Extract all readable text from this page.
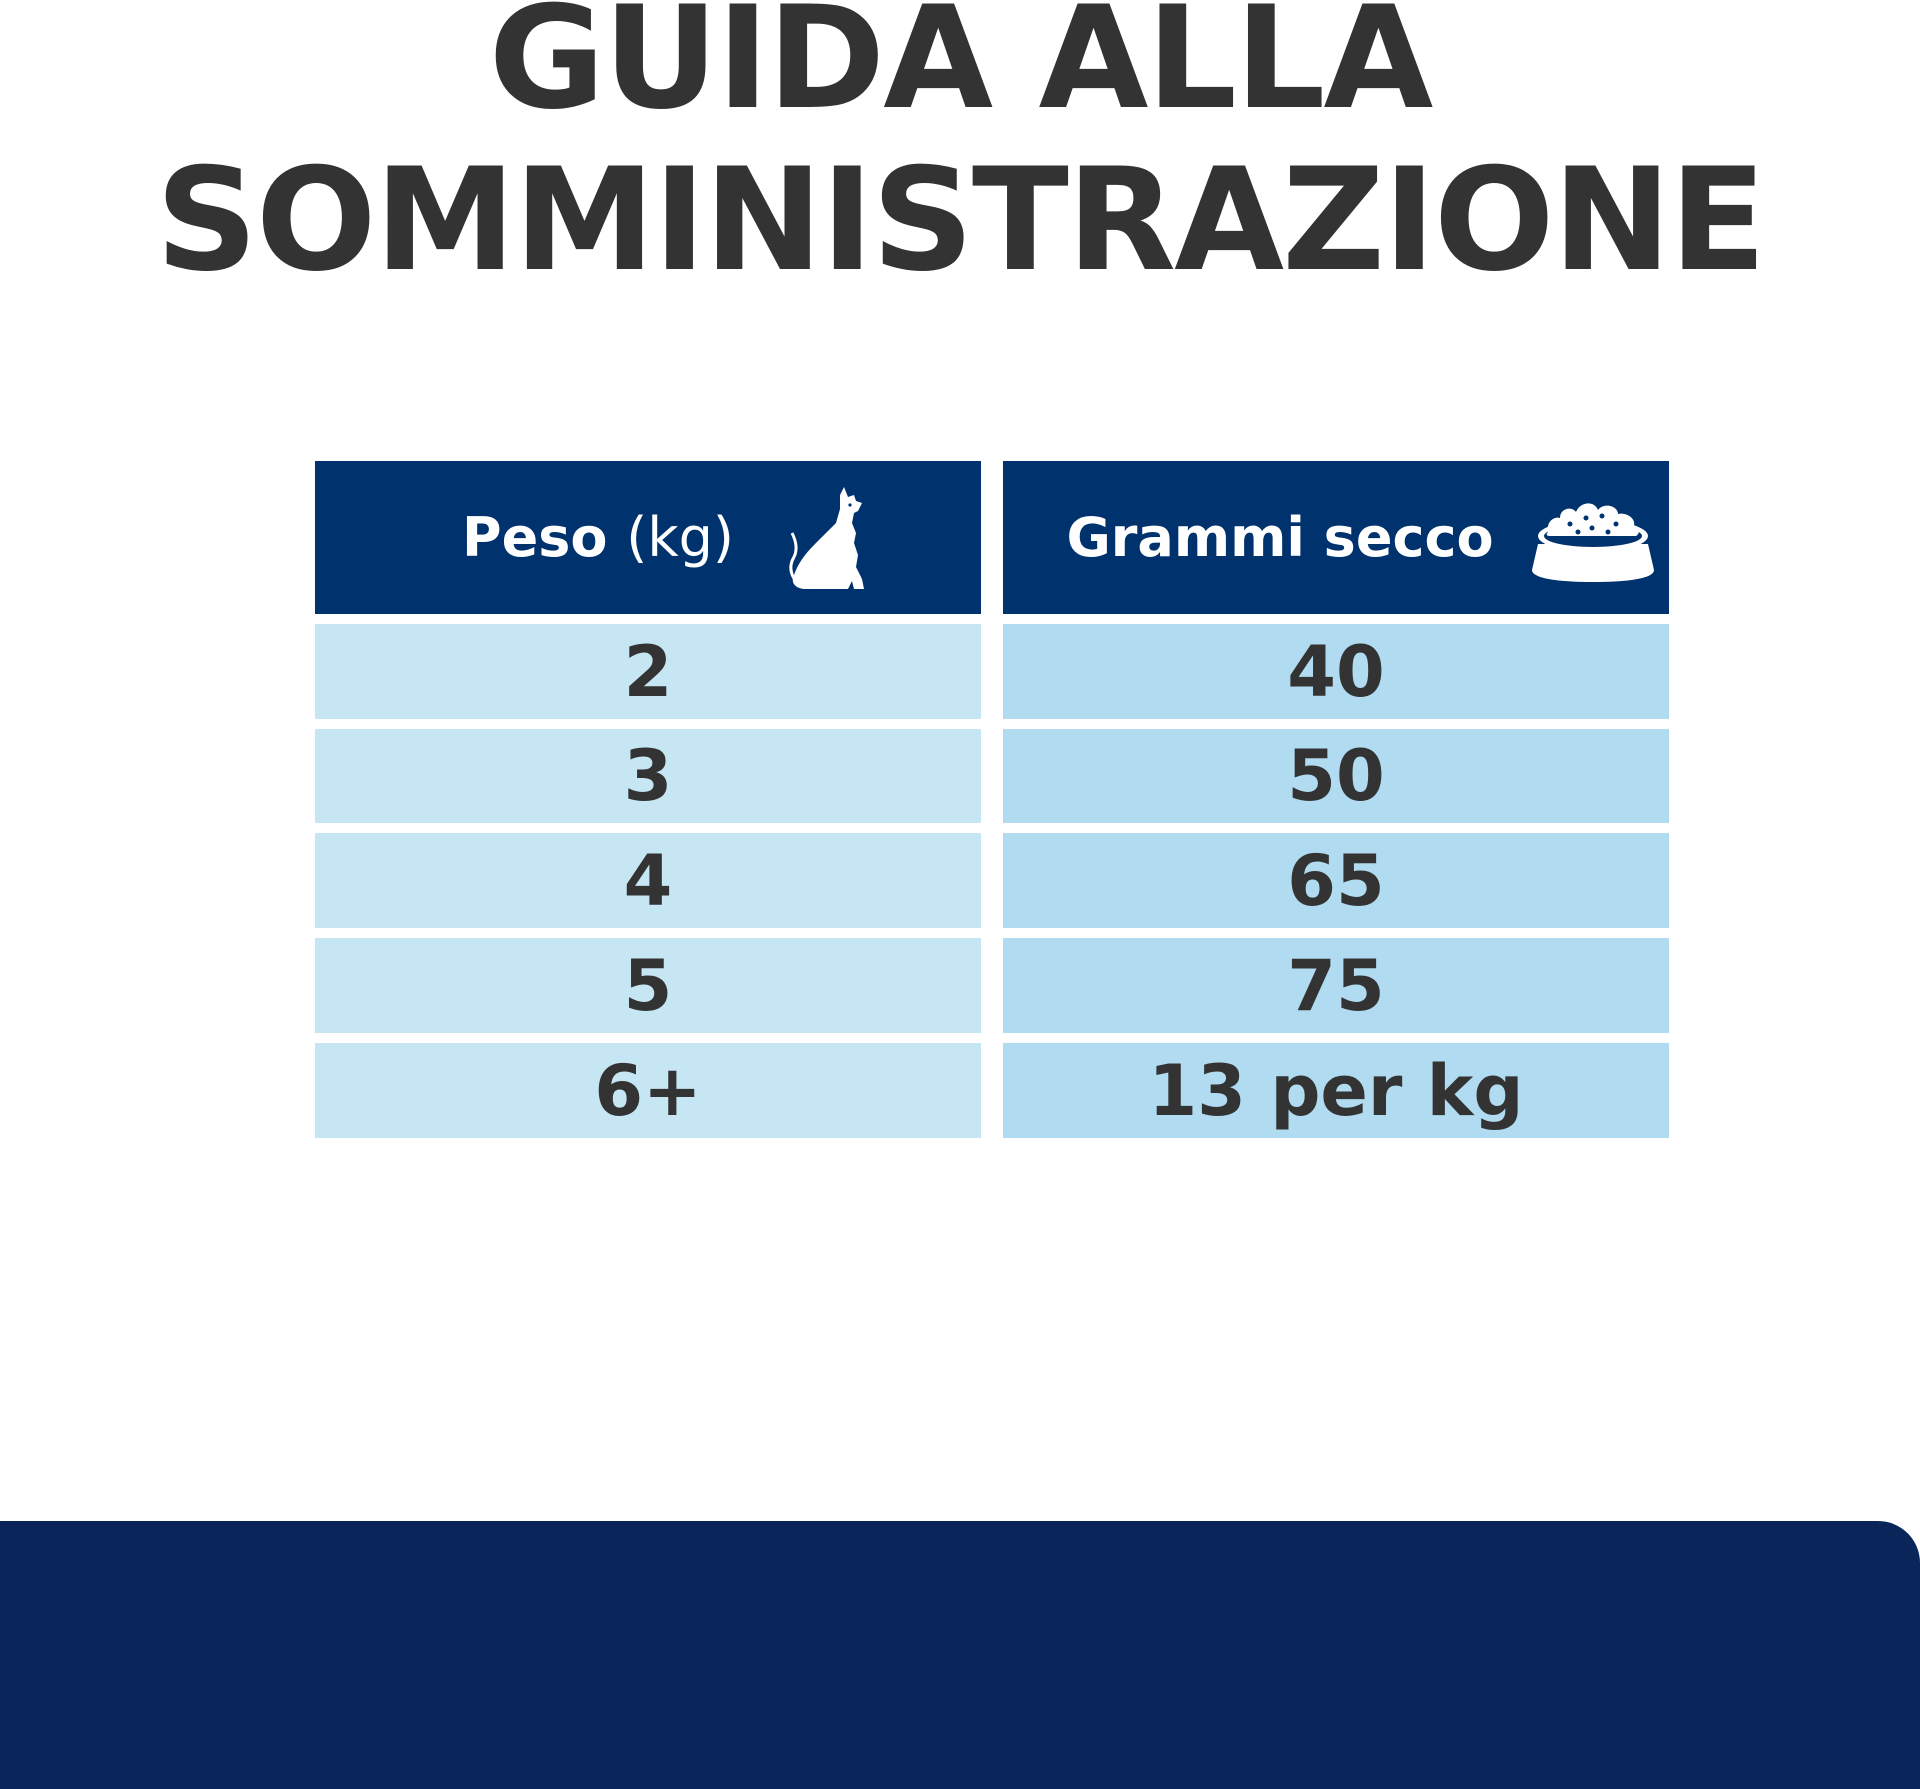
GUIDA ALLA
SOMMINISTRAZIONE
Peso (kg)	Grammi secco
2	40
3	50
4	65
5	75
6+	13 per kg
